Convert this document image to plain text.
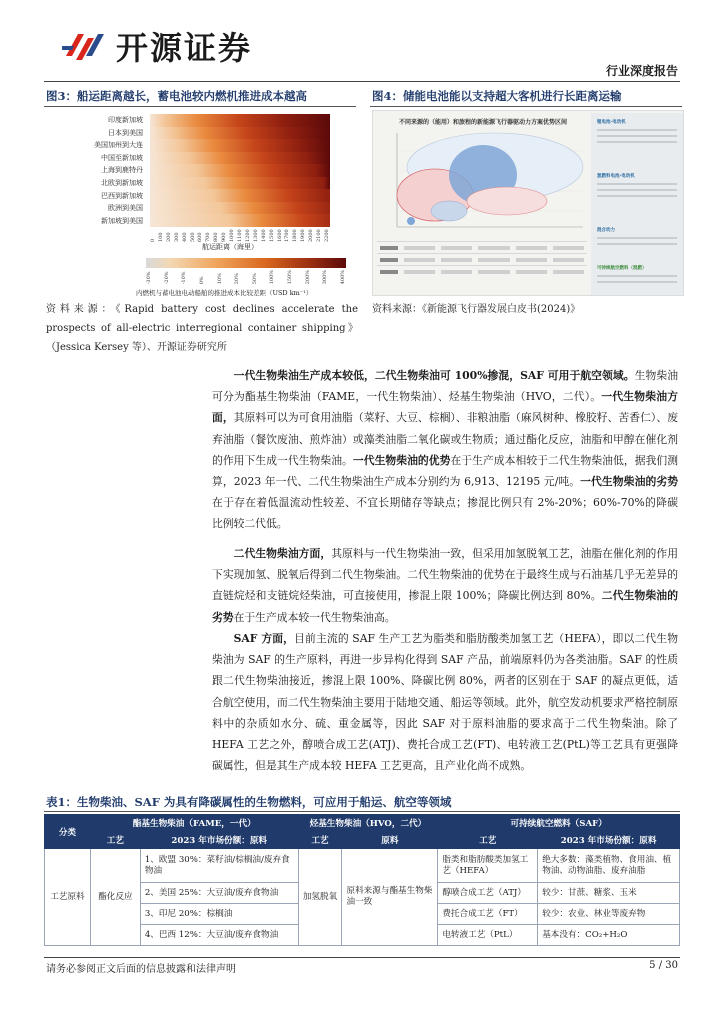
开源证券
行业深度报告
图3：船运距离越长，蓄电池较内燃机推进成本越高
印度新加坡
日本到美国
美国加州到大连
中国至新加坡
上海到鹿特丹
北欧到新加坡
巴西到新加坡
欧洲到美国
新加坡到美国
0 100 200 300 400 500 600 700 800 900 1000 1100 1200 1300 1400 1500 1600 1700 1800 1900 2000 2100 2200
航运距离（海里）
-30% -20% -10% 0% 10% 20% 50% 100% 150% 200% 300% 400%
内燃机与蓄电池电动船舶的推进成本比较差距（USD km⁻¹）
图4：储能电池能以支持超大客机进行长距离运输
不同来源的（能用）和旅程的新能源飞行器驱动力方案优势区间	锂电池·电动机
氢燃料电池·电动机
混合动力
可持续航空燃料（混燃）
资料来源：《Rapid battery cost declines accelerate the prospects of all-electric interregional container shipping》（Jessica Kersey 等）、开源证券研究所
资料来源：《新能源飞行器发展白皮书(2024)》
一代生物柴油生产成本较低，二代生物柴油可 100%掺混，SAF 可用于航空领域。生物柴油可分为酯基生物柴油（FAME，一代生物柴油）、烃基生物柴油（HVO，二代）。一代生物柴油方面，其原料可以为可食用油脂（菜籽、大豆、棕榈）、非粮油脂（麻风树种、橡胶籽、苦香仁）、废弃油脂（餐饮废油、煎炸油）或藻类油脂二氧化碳或生物质；通过酯化反应，油脂和甲醇在催化剂的作用下生成一代生物柴油。一代生物柴油的优势在于生产成本相较于二代生物柴油低，据我们测算，2023 年一代、二代生物柴油生产成本分别约为 6,913、12195 元/吨。一代生物柴油的劣势在于存在着低温流动性较差、不宜长期储存等缺点；掺混比例只有 2%-20%；60%-70%的降碳比例较二代低。
二代生物柴油方面，其原料与一代生物柴油一致，但采用加氢脱氧工艺，油脂在催化剂的作用下实现加氢、脱氧后得到二代生物柴油。二代生物柴油的优势在于最终生成与石油基几乎无差异的直链烷烃和支链烷烃柴油，可直接使用，掺混上限 100%；降碳比例达到 80%。二代生物柴油的劣势在于生产成本较一代生物柴油高。
SAF 方面，目前主流的 SAF 生产工艺为脂类和脂肪酸类加氢工艺（HEFA），即以二代生物柴油为 SAF 的生产原料，再进一步异构化得到 SAF 产品，前端原料仍为各类油脂。SAF 的性质跟二代生物柴油接近，掺混上限 100%、降碳比例 80%，两者的区别在于 SAF 的凝点更低，适合航空使用，而二代生物柴油主要用于陆地交通、船运等领域。此外，航空发动机要求严格控制原料中的杂质如水分、硫、重金属等，因此 SAF 对于原料油脂的要求高于二代生物柴油。除了 HEFA 工艺之外，醇喷合成工艺(ATJ)、费托合成工艺(FT)、电转液工艺(PtL)等工艺具有更强降碳属性，但是其生产成本较 HEFA 工艺更高，且产业化尚不成熟。
表1：生物柴油、SAF 为具有降碳属性的生物燃料，可应用于船运、航空等领域
分类	酯基生物柴油（FAME，一代）		烃基生物柴油（HVO，二代）		可持续航空燃料（SAF）	
	工艺	2023 年市场份额：原料	工艺	原料	工艺	2023 年市场份额：原料
工艺原料	酯化反应	1、欧盟 30%：菜籽油/棕榈油/废弃食物油	加氢脱氧	原料来源与酯基生物柴油一致	脂类和脂肪酸类加氢工艺（HEFA）	绝大多数：藻类植物、食用油、植物油、动物油脂、废弃油脂
		2、美国 25%：大豆油/废弃食物油			醇喷合成工艺（ATJ）	较少：甘蔗、糖浆、玉米
		3、印尼 20%：棕榈油			费托合成工艺（FT）	较少：农业、林业等废弃物
		4、巴西 12%：大豆油/废弃食物油			电转液工艺（PtL）	基本没有：CO₂+H₂O
请务必参阅正文后面的信息披露和法律声明	5 / 30
